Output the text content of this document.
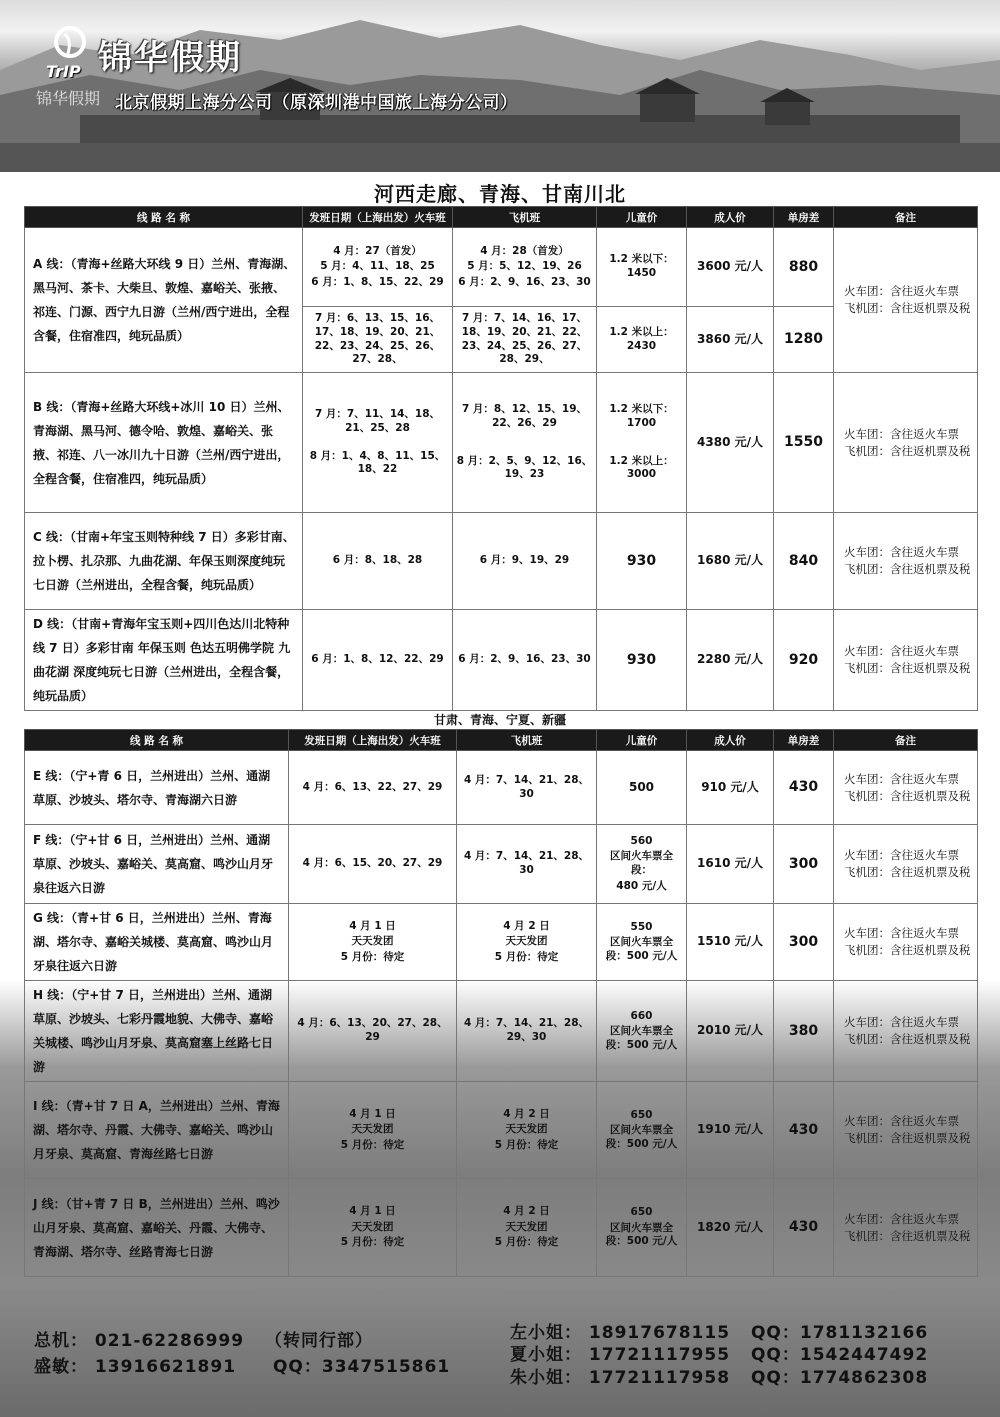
TrIP 锦华假期
锦华假期 北京假期上海分公司（原深圳港中国旅上海分公司）
河西走廊、青海、甘南川北
线 路 名 称	发班日期（上海出发）火车班	飞机班	儿童价	成人价	单房差	备注
A 线：（青海+丝路大环线 9 日）兰州、青海湖、黑马河、茶卡、大柴旦、敦煌、嘉峪关、张掖、祁连、门源、西宁九日游（兰州/西宁进出，全程含餐，住宿准四，纯玩品质）	4 月：27（首发）
5 月：4、11、18、25
6 月：1、8、15、22、29	4 月：28（首发）
5 月：5、12、19、26
6 月：2、9、16、23、30	1.2 米以下：1450	3600 元/人	880	火车团：含往返火车票
飞机团：含往返机票及税

	7 月：6、13、15、16、17、18、19、20、21、22、23、24、25、26、27、28、	7 月：7、14、16、17、18、19、20、21、22、23、24、25、26、27、28、29、	1.2 米以上：2430	3860 元/人	1280	
B 线：（青海+丝路大环线+冰川 10 日）兰州、青海湖、黑马河、德令哈、敦煌、嘉峪关、张掖、祁连、八一冰川九十日游（兰州/西宁进出，全程含餐，住宿准四，纯玩品质）	7 月：7、11、14、18、21、25、28
8 月：1、4、8、11、15、18、22	7 月：8、12、15、19、22、26、29
8 月：2、5、9、12、16、19、23	1.2 米以下：1700
1.2 米以上：3000	4380 元/人	1550	火车团：含往返火车票
飞机团：含往返机票及税

C 线：（甘南+年宝玉则特种线 7 日）多彩甘南、拉卜楞、扎尕那、九曲花湖、年保玉则深度纯玩七日游（兰州进出，全程含餐，纯玩品质）	6 月：8、18、28	6 月：9、19、29	930	1680 元/人	840	火车团：含往返火车票
飞机团：含往返机票及税

D 线：（甘南+青海年宝玉则+四川色达川北特种线 7 日）多彩甘南 年保玉则 色达五明佛学院 九曲花湖 深度纯玩七日游（兰州进出，全程含餐，纯玩品质）	6 月：1、8、12、22、29	6 月：2、9、16、23、30	930	2280 元/人	920	火车团：含往返火车票
飞机团：含往返机票及税
甘肃、青海、宁夏、新疆
线 路 名 称	发班日期（上海出发）火车班	飞机班	儿童价	成人价	单房差	备注
E 线：（宁+青 6 日，兰州进出）兰州、通湖草原、沙坡头、塔尔寺、青海湖六日游	4 月：6、13、22、27、29	4 月：7、14、21、28、30	500	910 元/人	430	火车团：含往返火车票
飞机团：含往返机票及税

F 线：（宁+甘 6 日，兰州进出）兰州、通湖草原、沙坡头、嘉峪关、莫高窟、鸣沙山月牙泉往返六日游	4 月：6、15、20、27、29	4 月：7、14、21、28、30	560
区间火车票全段：
480 元/人	1610 元/人	300	火车团：含往返火车票
飞机团：含往返机票及税

G 线：（青+甘 6 日，兰州进出）兰州、青海湖、塔尔寺、嘉峪关城楼、莫高窟、鸣沙山月牙泉往返六日游	4 月 1 日
天天发团
5 月份：待定	4 月 2 日
天天发团
5 月份：待定	550
区间火车票全段：500 元/人	1510 元/人	300	火车团：含往返火车票
飞机团：含往返机票及税

H 线：（宁+甘 7 日，兰州进出）兰州、通湖草原、沙坡头、七彩丹霞地貌、大佛寺、嘉峪关城楼、鸣沙山月牙泉、莫高窟塞上丝路七日游	4 月：6、13、20、27、28、29	4 月：7、14、21、28、29、30	660
区间火车票全段：500 元/人	2010 元/人	380	火车团：含往返火车票
飞机团：含往返机票及税

I 线：（青+甘 7 日 A，兰州进出）兰州、青海湖、塔尔寺、丹霞、大佛寺、嘉峪关、鸣沙山月牙泉、莫高窟、青海丝路七日游	4 月 1 日
天天发团
5 月份：待定	4 月 2 日
天天发团
5 月份：待定	650
区间火车票全段：500 元/人	1910 元/人	430	火车团：含往返火车票
飞机团：含往返机票及税

J 线：（甘+青 7 日 B，兰州进出）兰州、鸣沙山月牙泉、莫高窟、嘉峪关、丹霞、大佛寺、青海湖、塔尔寺、丝路青海七日游	4 月 1 日
天天发团
5 月份：待定	4 月 2 日
天天发团
5 月份：待定	650
区间火车票全段：500 元/人	1820 元/人	430	火车团：含往返火车票
飞机团：含往返机票及税
总机： 021-62286999 （转同行部）
盛敏： 13916621891 QQ：3347515861
左小姐： 18917678115 QQ：1781132166
夏小姐： 17721117955 QQ：1542447492
朱小姐： 17721117958 QQ：1774862308
